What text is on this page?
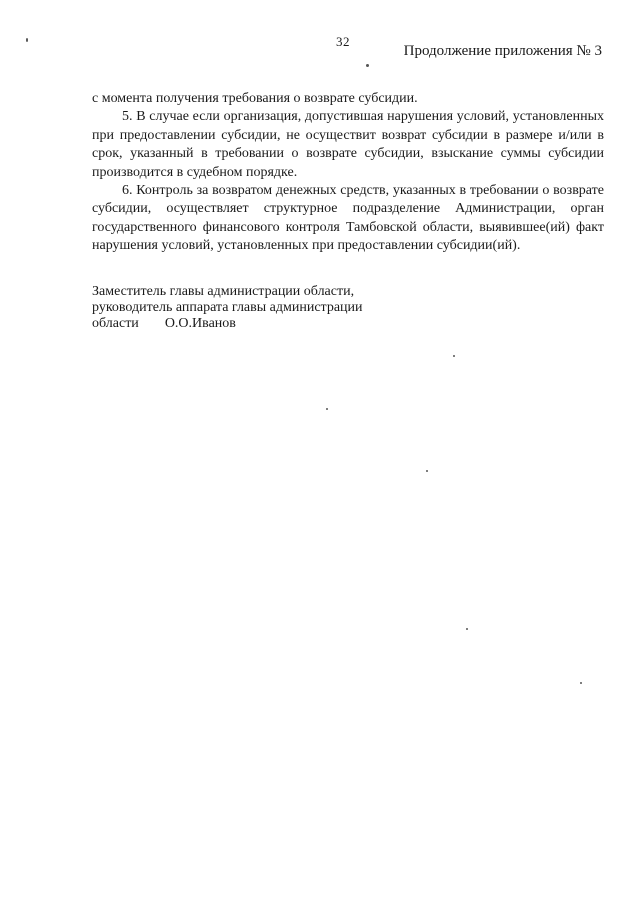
32
Продолжение приложения № 3

с момента получения требования о возврате субсидии.

5. В случае если организация, допустившая нарушения условий, установленных при предоставлении субсидии, не осуществит возврат субсидии в размере и/или в срок, указанный в требовании о возврате субсидии, взыскание суммы субсидии производится в судебном порядке.

6. Контроль за возвратом денежных средств, указанных в требовании о возврате субсидии, осуществляет структурное подразделение Администрации, орган государственного финансового контроля Тамбовской области, выявившее(ий) факт нарушения условий, установленных при предоставлении субсидии(ий).

Заместитель главы администрации области,
руководитель аппарата главы администрации
области О.О.Иванов
